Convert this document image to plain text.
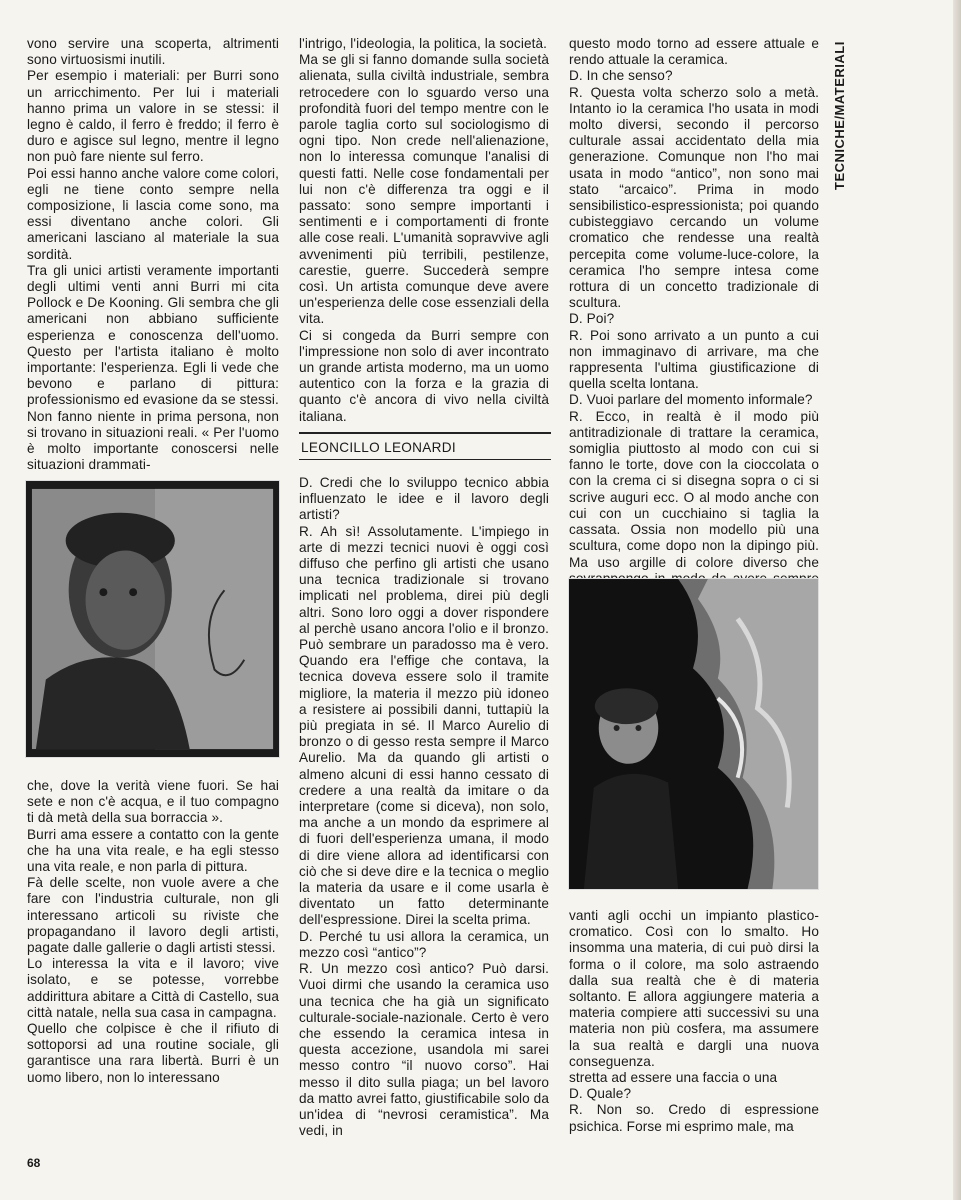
TECNICHE/MATERIALI

vono servire una scoperta, altrimenti sono virtuosismi inutili.

Per esempio i materiali: per Burri sono un arricchimento. Per lui i materiali hanno prima un valore in se stessi: il legno è caldo, il ferro è freddo; il ferro è duro e agisce sul legno, mentre il legno non può fare niente sul ferro.

Poi essi hanno anche valore come colori, egli ne tiene conto sempre nella composizione, li lascia come sono, ma essi diventano anche colori. Gli americani lasciano al materiale la sua sordità.

Tra gli unici artisti veramente importanti degli ultimi venti anni Burri mi cita Pollock e De Kooning. Gli sembra che gli americani non abbiano sufficiente esperienza e conoscenza dell'uomo. Questo per l'artista italiano è molto importante: l'esperienza. Egli li vede che bevono e parlano di pittura: professionismo ed evasione da se stessi.

Non fanno niente in prima persona, non si trovano in situazioni reali. « Per l'uomo è molto importante conoscersi nelle situazioni drammati-

che, dove la verità viene fuori. Se hai sete e non c'è acqua, e il tuo compagno ti dà metà della sua borraccia ».

Burri ama essere a contatto con la gente che ha una vita reale, e ha egli stesso una vita reale, e non parla di pittura.

Fà delle scelte, non vuole avere a che fare con l'industria culturale, non gli interessano articoli su riviste che propagandano il lavoro degli artisti, pagate dalle gallerie o dagli artisti stessi.

Lo interessa la vita e il lavoro; vive isolato, e se potesse, vorrebbe addirittura abitare a Città di Castello, sua città natale, nella sua casa in campagna.

Quello che colpisce è che il rifiuto di sottoporsi ad una routine sociale, gli garantisce una rara libertà. Burri è un uomo libero, non lo interessano

l'intrigo, l'ideologia, la politica, la società.

Ma se gli si fanno domande sulla società alienata, sulla civiltà industriale, sembra retrocedere con lo sguardo verso una profondità fuori del tempo mentre con le parole taglia corto sul sociologismo di ogni tipo. Non crede nell'alienazione, non lo interessa comunque l'analisi di questi fatti. Nelle cose fondamentali per lui non c'è differenza tra oggi e il passato: sono sempre importanti i sentimenti e i comportamenti di fronte alle cose reali. L'umanità sopravvive agli avvenimenti più terribili, pestilenze, carestie, guerre. Succederà sempre così. Un artista comunque deve avere un'esperienza delle cose essenziali della vita.

Ci si congeda da Burri sempre con l'impressione non solo di aver incontrato un grande artista moderno, ma un uomo autentico con la forza e la grazia di quanto c'è ancora di vivo nella civiltà italiana.

LEONCILLO LEONARDI

D. Credi che lo sviluppo tecnico abbia influenzato le idee e il lavoro degli artisti?

R. Ah sì! Assolutamente. L'impiego in arte di mezzi tecnici nuovi è oggi così diffuso che perfino gli artisti che usano una tecnica tradizionale si trovano implicati nel problema, direi più degli altri. Sono loro oggi a dover rispondere al perchè usano ancora l'olio e il bronzo. Può sembrare un paradosso ma è vero. Quando era l'effige che contava, la tecnica doveva essere solo il tramite migliore, la materia il mezzo più idoneo a resistere ai possibili danni, tuttapiù la più pregiata in sé. Il Marco Aurelio di bronzo o di gesso resta sempre il Marco Aurelio. Ma da quando gli artisti o almeno alcuni di essi hanno cessato di credere a una realtà da imitare o da interpretare (come si diceva), non solo, ma anche a un mondo da esprimere al di fuori dell'esperienza umana, il modo di dire viene allora ad identificarsi con ciò che si deve dire e la tecnica o meglio la materia da usare e il come usarla è diventato un fatto determinante dell'espressione. Direi la scelta prima.

D. Perché tu usi allora la ceramica, un mezzo così “antico”?

R. Un mezzo così antico? Può darsi. Vuoi dirmi che usando la ceramica uso una tecnica che ha già un significato culturale-sociale-nazionale. Certo è vero che essendo la ceramica intesa in questa accezione, usandola mi sarei messo contro “il nuovo corso”. Hai messo il dito sulla piaga; un bel lavoro da matto avrei fatto, giustificabile solo da un'idea di “nevrosi ceramistica”. Ma vedi, in

questo modo torno ad essere attuale e rendo attuale la ceramica.

D. In che senso?

R. Questa volta scherzo solo a metà. Intanto io la ceramica l'ho usata in modi molto diversi, secondo il percorso culturale assai accidentato della mia generazione. Comunque non l'ho mai usata in modo “antico”, non sono mai stato “arcaico”. Prima in modo sensibilistico-espressionista; poi quando cubisteggiavo cercando un volume cromatico che rendesse una realtà percepita come volume-luce-colore, la ceramica l'ho sempre intesa come rottura di un concetto tradizionale di scultura.

D. Poi?

R. Poi sono arrivato a un punto a cui non immaginavo di arrivare, ma che rappresenta l'ultima giustificazione di quella scelta lontana.

D. Vuoi parlare del momento informale?

R. Ecco, in realtà è il modo più antitradizionale di trattare la ceramica, somiglia piuttosto al modo con cui si fanno le torte, dove con la cioccolata o con la crema ci si disegna sopra o ci si scrive auguri ecc. O al modo anche con cui con un cucchiaino si taglia la cassata. Ossia non modello più una scultura, come dopo non la dipingo più. Ma uso argille di colore diverso che

vanti agli occhi un impianto plastico-cromatico. Così con lo smalto. Ho insomma una materia, di cui può dirsi la forma o il colore, ma solo astraendo dalla sua realtà che è di materia soltanto. E allora aggiungere materia a materia compiere atti successivi su una materia non più cosfera, ma assumere la sua realtà e dargli una nuova conseguenza.

stretta ad essere una faccia o una

D. Quale?

R. Non so. Credo di espressione psichica. Forse mi esprimo male, ma

68
